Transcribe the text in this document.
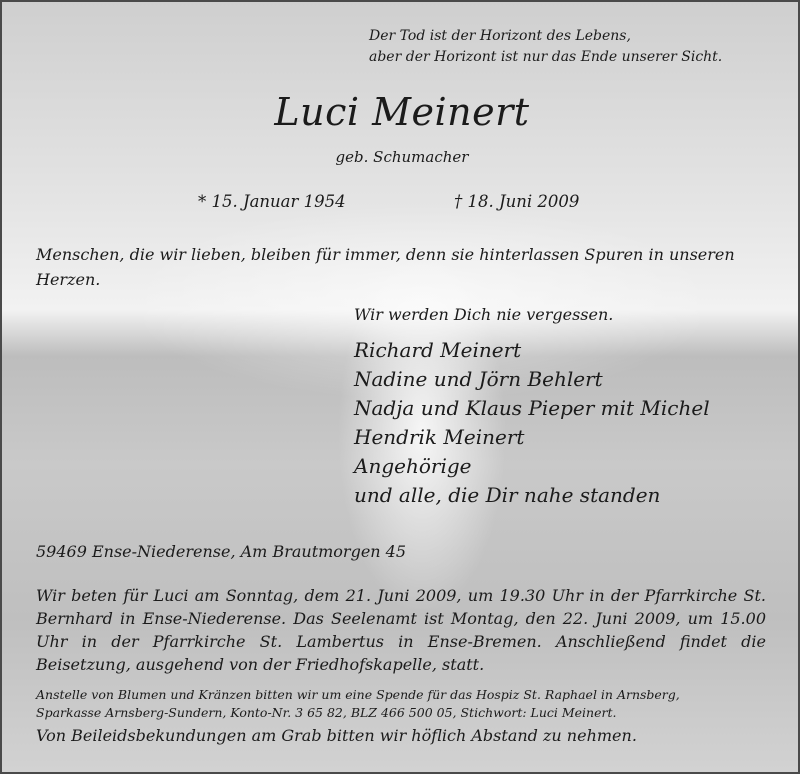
Der Tod ist der Horizont des Lebens,
aber der Horizont ist nur das Ende unserer Sicht.
Luci Meinert
geb. Schumacher
* 15. Januar 1954	† 18. Juni 2009
Menschen, die wir lieben, bleiben für immer, denn sie hinterlassen Spuren in unseren Herzen.
Wir werden Dich nie vergessen.
Richard Meinert
Nadine und Jörn Behlert
Nadja und Klaus Pieper mit Michel
Hendrik Meinert
Angehörige
und alle, die Dir nahe standen
59469 Ense-Niederense, Am Brautmorgen 45
Wir beten für Luci am Sonntag, dem 21. Juni 2009, um 19.30 Uhr in der Pfarrkirche St. Bernhard in Ense-Niederense. Das Seelenamt ist Montag, den 22. Juni 2009, um 15.00 Uhr in der Pfarrkirche St. Lambertus in Ense-Bremen. Anschließend findet die Beisetzung, ausgehend von der Friedhofskapelle, statt.
Anstelle von Blumen und Kränzen bitten wir um eine Spende für das Hospiz St. Raphael in Arnsberg,
Sparkasse Arnsberg-Sundern, Konto-Nr. 3 65 82, BLZ 466 500 05, Stichwort: Luci Meinert.
Von Beileidsbekundungen am Grab bitten wir höflich Abstand zu nehmen.
